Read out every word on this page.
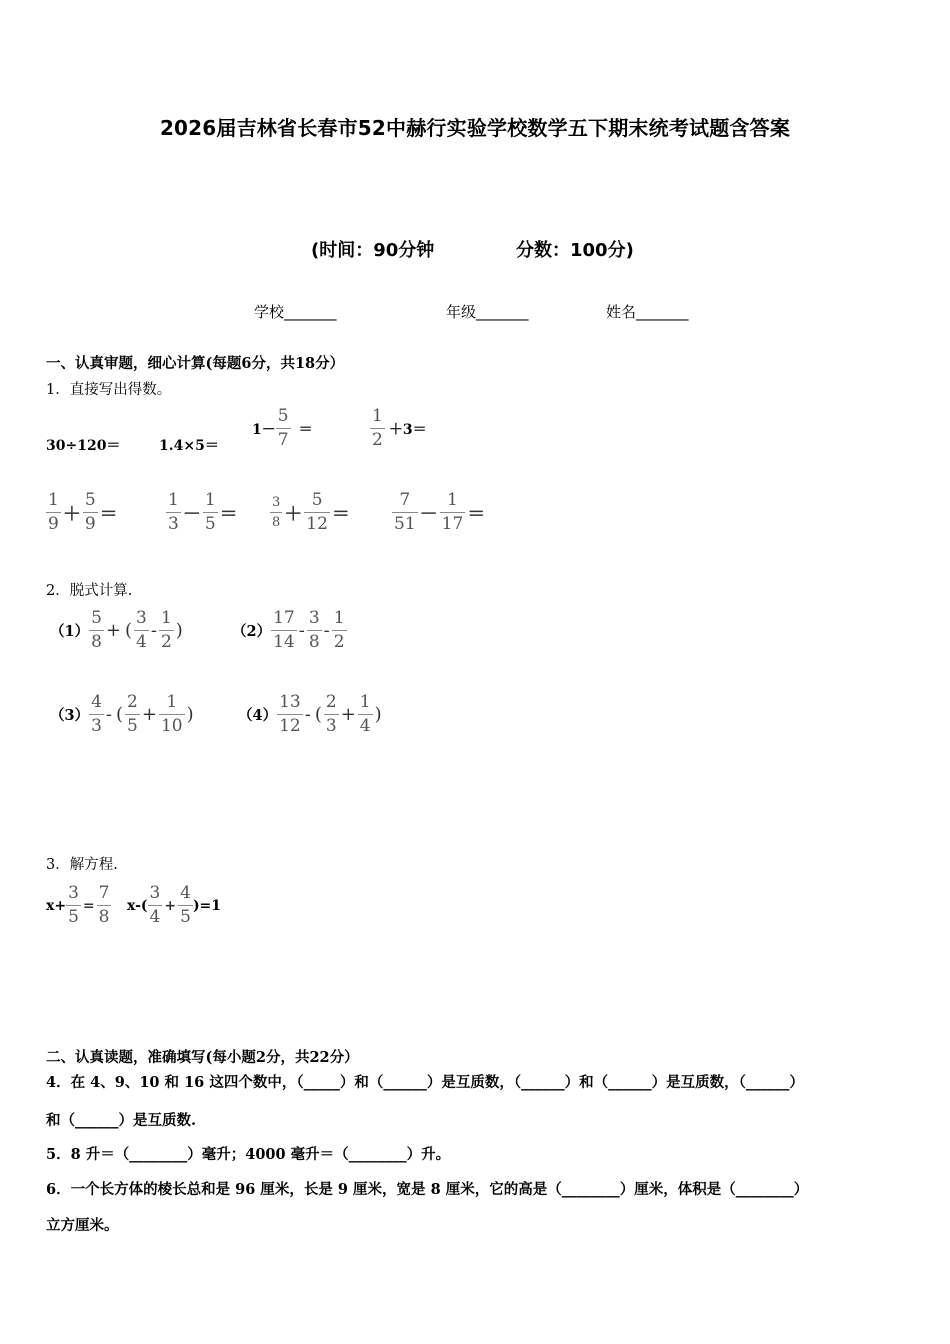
2026届吉林省长春市52中赫行实验学校数学五下期末统考试题含答案
(时间：90分钟	分数：100分)
学校_______	年级_______	姓名_______
一、认真审题，细心计算(每题6分，共18分）
1．直接写出得数。
30÷120＝	1.4×5＝
$1- \frac{5}{7}$ ＝	$\frac{1}{2} +3=$
$\frac{1}{9} + \frac{5}{9}$ ＝	$\frac{1}{3} - \frac{1}{5} = \frac{3}{8} + \frac{5}{12} = \frac{7}{51} - \frac{1}{17}$ ＝
2．脱式计算.
$(1) \frac{5}{8}$ + ( $\frac{3}{4} - \frac{1}{2}$ )	$(2) \frac{17}{14} - \frac{3}{8} - \frac{1}{2}$
$(3) \frac{4}{3}$ - ( $\frac{2}{5} + \frac{1}{10}$ )	$(4) \frac{13}{12}$ - ( $\frac{2}{3} + \frac{1}{4}$ )
3．解方程.
$x+ \frac{3}{5} = \frac{7}{8} x-( \frac{3}{4} + \frac{4}{5} )=1$
二、认真读题，准确填写(每小题2分，共22分）
4．在 4、9、10 和 16 这四个数中，（_____）和（______）是互质数，（______）和（______）是互质数，（______）
和（______）是互质数.
5．8 升＝（________）毫升；4000 毫升＝（________）升。
6．一个长方体的棱长总和是 96 厘米，长是 9 厘米，宽是 8 厘米，它的高是（________）厘米，体积是（________）
立方厘米。
